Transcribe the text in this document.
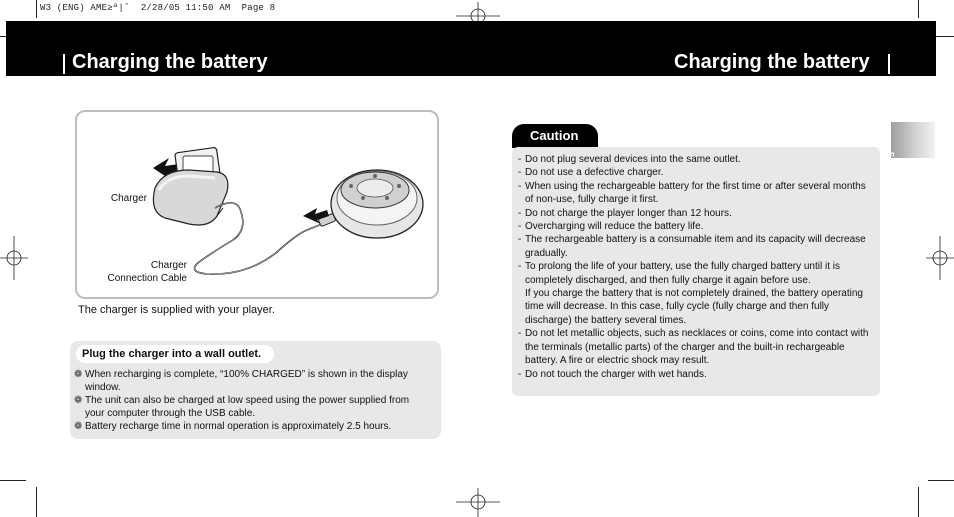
W3 (ENG) AME≥ª|ˆ  2/28/05 11:50 AM  Page 8
Charging the battery	Charging the battery
ENG
Charger
Charger
Connection Cable
The charger is supplied with your player.
Plug the charger into a wall outlet.
❁ When recharging is complete, “100% CHARGED” is shown in the display window.
❁ The unit can also be charged at low speed using the power supplied from your computer through the USB cable.
❁ Battery recharge time in normal operation is approximately 2.5 hours.
Caution
- Do not plug several devices into the same outlet.
- Do not use a defective charger.
- When using the rechargeable battery for the first time or after several months of non-use, fully charge it first.
- Do not charge the player longer than 12 hours.
- Overcharging will reduce the battery life.
- The rechargeable battery is a consumable item and its capacity will decrease gradually.
- To prolong the life of your battery, use the fully charged battery until it is completely discharged, and then fully charge it again before use.
If you charge the battery that is not completely drained, the battery operating time will decrease. In this case, fully cycle (fully charge and then fully discharge) the battery several times.
- Do not let metallic objects, such as necklaces or coins, come into contact with the terminals (metallic parts) of the charger and the built-in rechargeable battery. A fire or electric shock may result.
- Do not touch the charger with wet hands.
